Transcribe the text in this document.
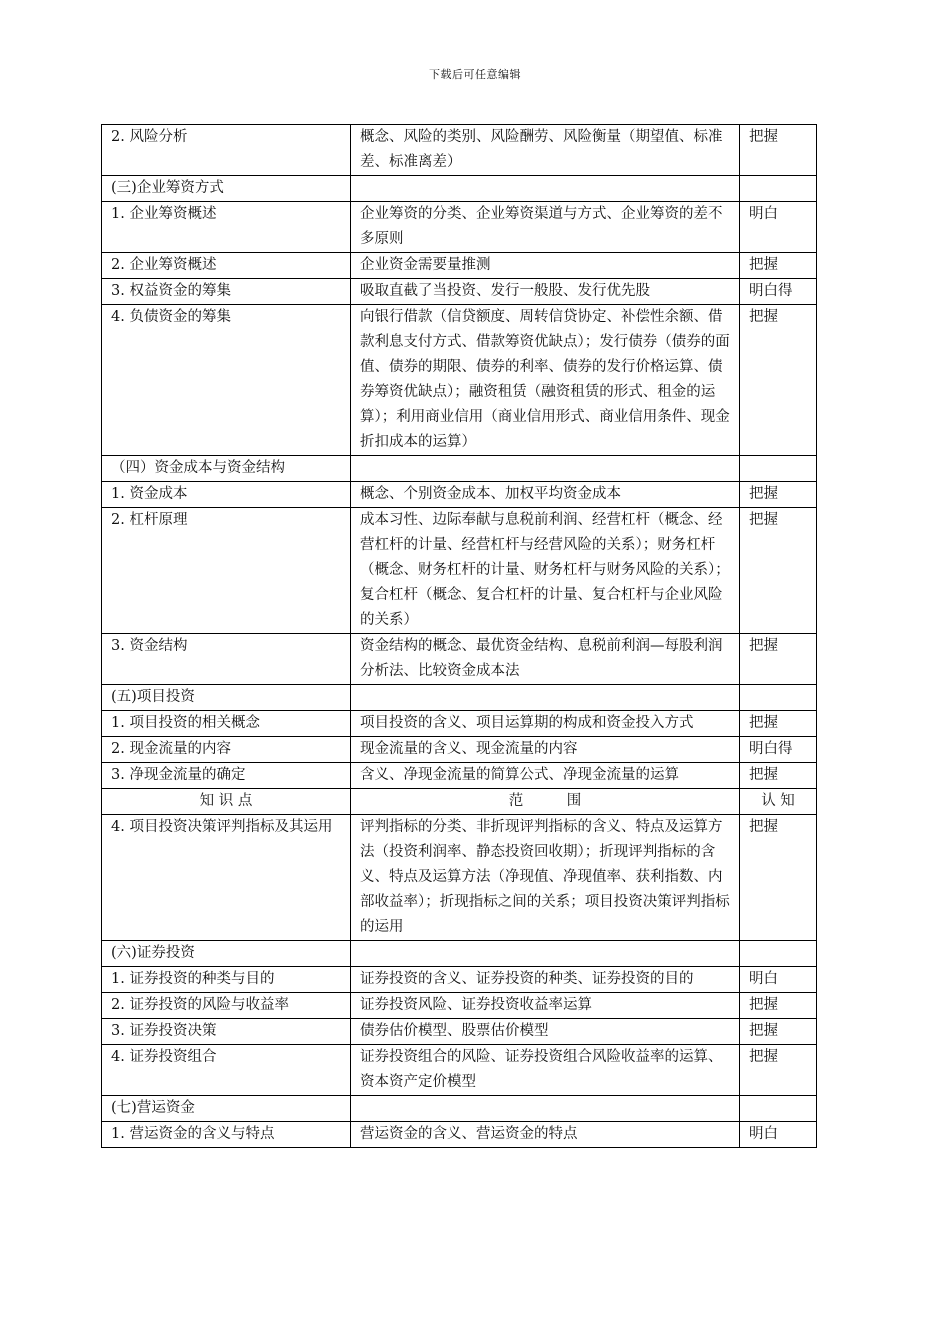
下载后可任意编辑
2. 风险分析	概念、风险的类别、风险酬劳、风险衡量（期望值、标准差、标准离差）	把握
(三)企业筹资方式		
1. 企业筹资概述	企业筹资的分类、企业筹资渠道与方式、企业筹资的差不多原则	明白
2. 企业筹资概述	企业资金需要量推测	把握
3. 权益资金的筹集	吸取直截了当投资、发行一般股、发行优先股	明白得
4. 负债资金的筹集	向银行借款（信贷额度、周转信贷协定、补偿性余额、借款利息支付方式、借款筹资优缺点）；发行债券（债券的面值、债券的期限、债券的利率、债券的发行价格运算、债券筹资优缺点）；融资租赁（融资租赁的形式、租金的运算）；利用商业信用（商业信用形式、商业信用条件、现金折扣成本的运算）	把握
（四）资金成本与资金结构		
1. 资金成本	概念、个别资金成本、加权平均资金成本	把握
2. 杠杆原理	成本习性、边际奉献与息税前利润、经营杠杆（概念、经营杠杆的计量、经营杠杆与经营风险的关系）；财务杠杆（概念、财务杠杆的计量、财务杠杆与财务风险的关系）；复合杠杆（概念、复合杠杆的计量、复合杠杆与企业风险的关系）	把握
3. 资金结构	资金结构的概念、最优资金结构、息税前利润—每股利润分析法、比较资金成本法	把握
(五)项目投资		
1. 项目投资的相关概念	项目投资的含义、项目运算期的构成和资金投入方式	把握
2. 现金流量的内容	现金流量的含义、现金流量的内容	明白得
3. 净现金流量的确定	含义、净现金流量的简算公式、净现金流量的运算	把握
知 识 点	范　　　围	认 知
4. 项目投资决策评判指标及其运用	评判指标的分类、非折现评判指标的含义、特点及运算方法（投资利润率、静态投资回收期）；折现评判指标的含义、特点及运算方法（净现值、净现值率、获利指数、内部收益率）；折现指标之间的关系；项目投资决策评判指标的运用	把握
(六)证券投资		
1. 证券投资的种类与目的	证券投资的含义、证券投资的种类、证券投资的目的	明白
2. 证券投资的风险与收益率	证券投资风险、证券投资收益率运算	把握
3. 证券投资决策	债券估价模型、股票估价模型	把握
4. 证券投资组合	证券投资组合的风险、证券投资组合风险收益率的运算、资本资产定价模型	把握
(七)营运资金		
1. 营运资金的含义与特点	营运资金的含义、营运资金的特点	明白
